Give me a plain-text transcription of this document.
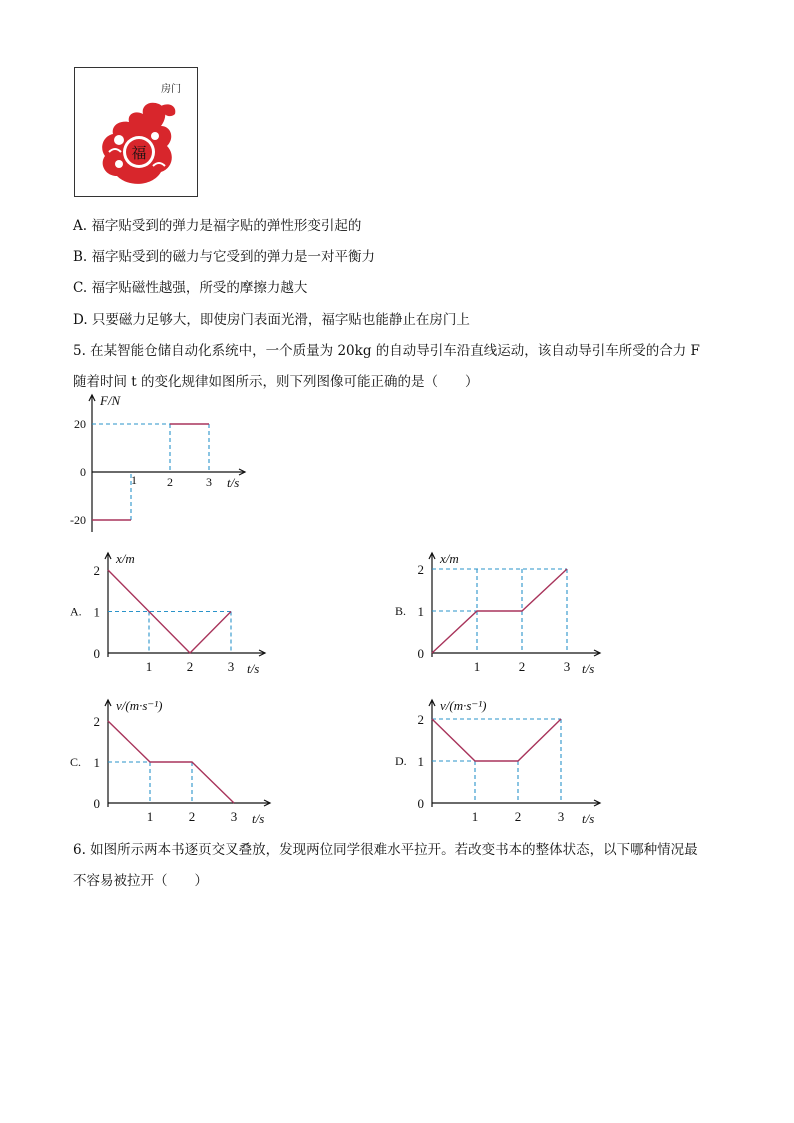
房门
福
A. 福字贴受到的弹力是福字贴的弹性形变引起的
B. 福字贴受到的磁力与它受到的弹力是一对平衡力
C. 福字贴磁性越强，所受的摩擦力越大
D. 只要磁力足够大，即使房门表面光滑，福字贴也能静止在房门上
5. 在某智能仓储自动化系统中，一个质量为 20kg 的自动导引车沿直线运动，该自动导引车所受的合力 F
随着时间 t 的变化规律如图所示，则下列图像可能正确的是（　　）
F/N
t/s
20
0
-20
1	2	3
x/m
t/s
A.
2
1
0
1	2	3
x/m
t/s
B.
2
1
0
1	2	3
v/(m·s⁻¹)
t/s
C.
2
1
0
1	2	3
v/(m·s⁻¹)
t/s
D.
2
1
0
1	2	3
6. 如图所示两本书逐页交叉叠放，发现两位同学很难水平拉开。若改变书本的整体状态，以下哪种情况最
不容易被拉开（　　）
